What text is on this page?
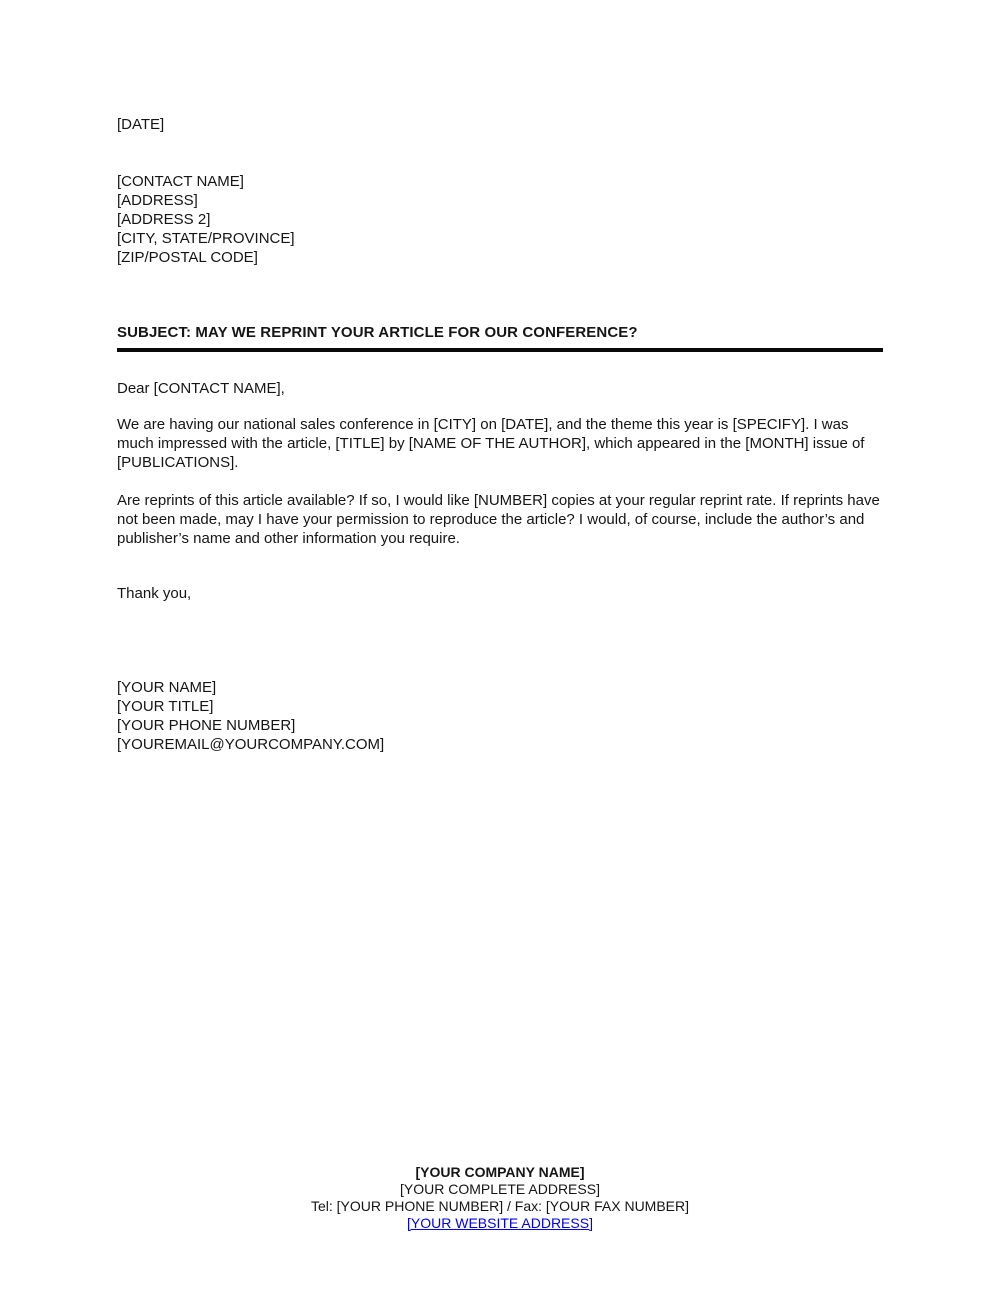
[DATE]
[CONTACT NAME]
[ADDRESS]
[ADDRESS 2]
[CITY, STATE/PROVINCE]
[ZIP/POSTAL CODE]
SUBJECT: MAY WE REPRINT YOUR ARTICLE FOR OUR CONFERENCE?
Dear [CONTACT NAME],

We are having our national sales conference in [CITY] on [DATE], and the theme this year is [SPECIFY]. I was much impressed with the article, [TITLE] by [NAME OF THE AUTHOR], which appeared in the [MONTH] issue of [PUBLICATIONS].

Are reprints of this article available? If so, I would like [NUMBER] copies at your regular reprint rate. If reprints have not been made, may I have your permission to reproduce the article? I would, of course, include the author’s and publisher’s name and other information you require.

Thank you,
[YOUR NAME]
[YOUR TITLE]
[YOUR PHONE NUMBER]
[YOUREMAIL@YOURCOMPANY.COM]
[YOUR COMPANY NAME]
[YOUR COMPLETE ADDRESS]
Tel: [YOUR PHONE NUMBER] / Fax: [YOUR FAX NUMBER]
[YOUR WEBSITE ADDRESS]
